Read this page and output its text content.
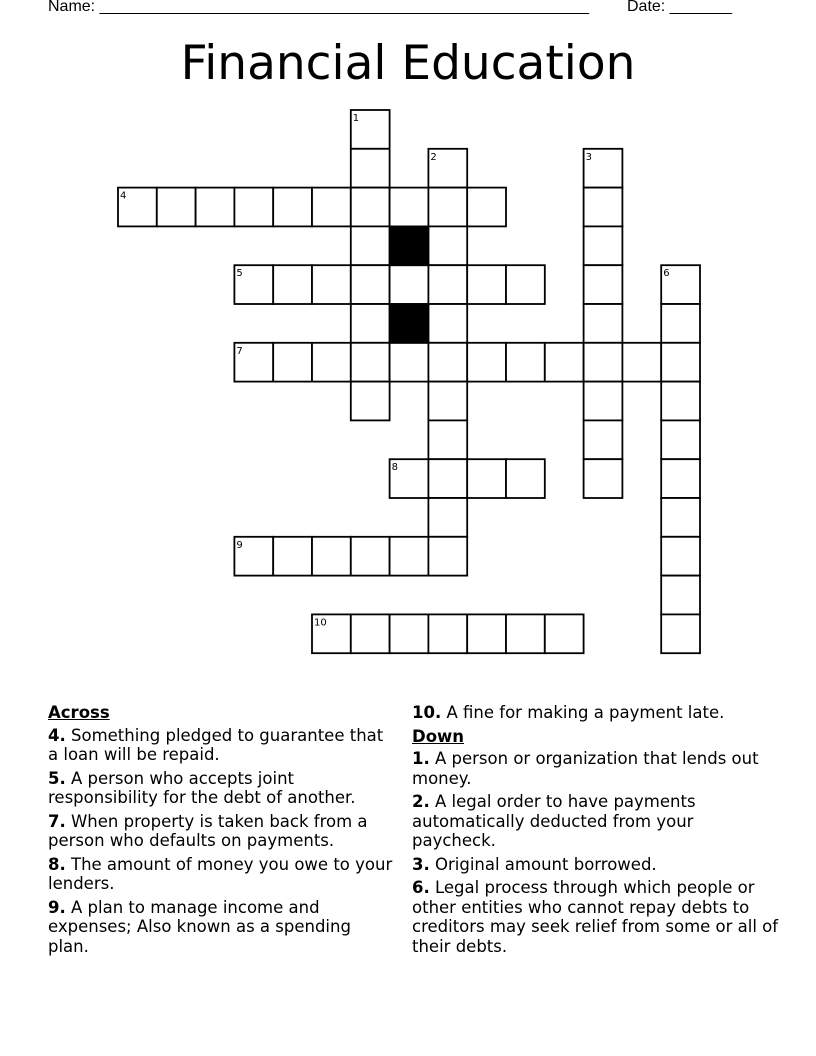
Name: _______________________________________________________ Date: _______
Financial Education
1
2	3
4
5	6
7
8
9
10
Across
4. Something pledged to guarantee that a loan will be repaid.
5. A person who accepts joint responsibility for the debt of another.
7. When property is taken back from a person who defaults on payments.
8. The amount of money you owe to your lenders.
9. A plan to manage income and expenses; Also known as a spending plan.
10. A fine for making a payment late.
Down
1. A person or organization that lends out money.
2. A legal order to have payments automatically deducted from your paycheck.
3. Original amount borrowed.
6. Legal process through which people or other entities who cannot repay debts to creditors may seek relief from some or all of their debts.
